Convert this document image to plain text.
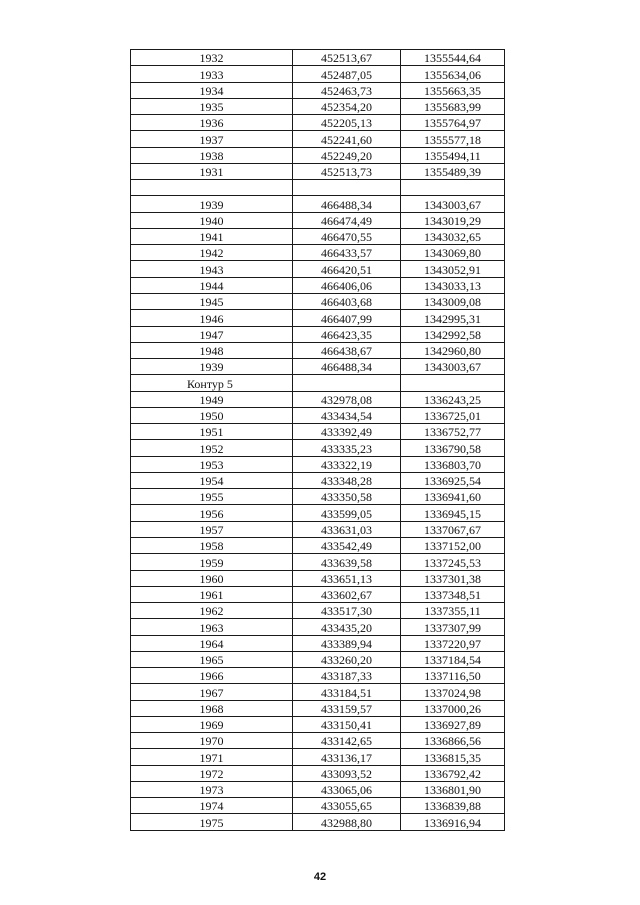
1932	452513,67	1355544,64
1933	452487,05	1355634,06
1934	452463,73	1355663,35
1935	452354,20	1355683,99
1936	452205,13	1355764,97
1937	452241,60	1355577,18
1938	452249,20	1355494,11
1931	452513,73	1355489,39

1939	466488,34	1343003,67
1940	466474,49	1343019,29
1941	466470,55	1343032,65
1942	466433,57	1343069,80
1943	466420,51	1343052,91
1944	466406,06	1343033,13
1945	466403,68	1343009,08
1946	466407,99	1342995,31
1947	466423,35	1342992,58
1948	466438,67	1342960,80
1939	466488,34	1343003,67
Контур 5		
1949	432978,08	1336243,25
1950	433434,54	1336725,01
1951	433392,49	1336752,77
1952	433335,23	1336790,58
1953	433322,19	1336803,70
1954	433348,28	1336925,54
1955	433350,58	1336941,60
1956	433599,05	1336945,15
1957	433631,03	1337067,67
1958	433542,49	1337152,00
1959	433639,58	1337245,53
1960	433651,13	1337301,38
1961	433602,67	1337348,51
1962	433517,30	1337355,11
1963	433435,20	1337307,99
1964	433389,94	1337220,97
1965	433260,20	1337184,54
1966	433187,33	1337116,50
1967	433184,51	1337024,98
1968	433159,57	1337000,26
1969	433150,41	1336927,89
1970	433142,65	1336866,56
1971	433136,17	1336815,35
1972	433093,52	1336792,42
1973	433065,06	1336801,90
1974	433055,65	1336839,88
1975	432988,80	1336916,94
42
